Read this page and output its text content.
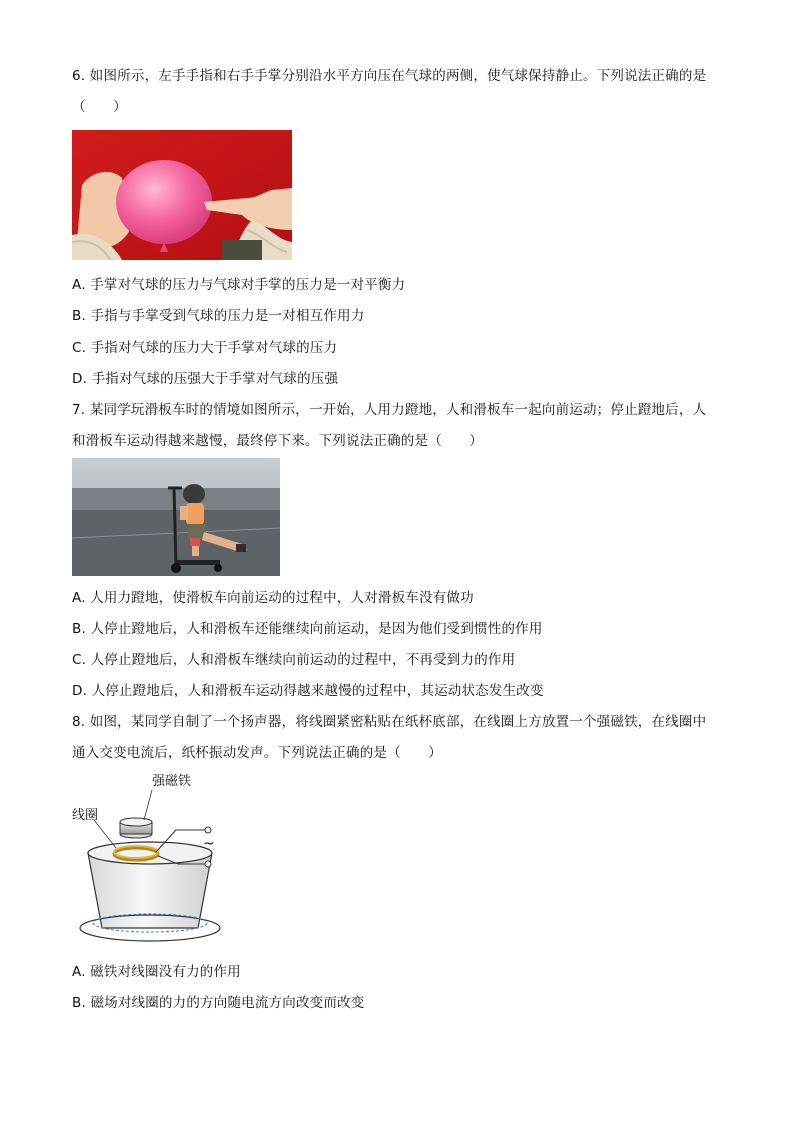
6. 如图所示，左手手指和右手手掌分别沿水平方向压在气球的两侧，使气球保持静止。下列说法正确的是
（　　）
A. 手掌对气球的压力与气球对手掌的压力是一对平衡力
B. 手指与手掌受到气球的压力是一对相互作用力
C. 手指对气球的压力大于手掌对气球的压力
D. 手指对气球的压强大于手掌对气球的压强
7. 某同学玩滑板车时的情境如图所示，一开始，人用力蹬地，人和滑板车一起向前运动；停止蹬地后，人
和滑板车运动得越来越慢，最终停下来。下列说法正确的是（　　）
A. 人用力蹬地，使滑板车向前运动的过程中，人对滑板车没有做功
B. 人停止蹬地后，人和滑板车还能继续向前运动，是因为他们受到惯性的作用
C. 人停止蹬地后，人和滑板车继续向前运动的过程中，不再受到力的作用
D. 人停止蹬地后，人和滑板车运动得越来越慢的过程中，其运动状态发生改变
8. 如图，某同学自制了一个扬声器，将线圈紧密粘贴在纸杯底部，在线圈上方放置一个强磁铁，在线圈中
通入交变电流后，纸杯振动发声。下列说法正确的是（　　）
强磁铁
线圈
~
A. 磁铁对线圈没有力的作用
B. 磁场对线圈的力的方向随电流方向改变而改变
